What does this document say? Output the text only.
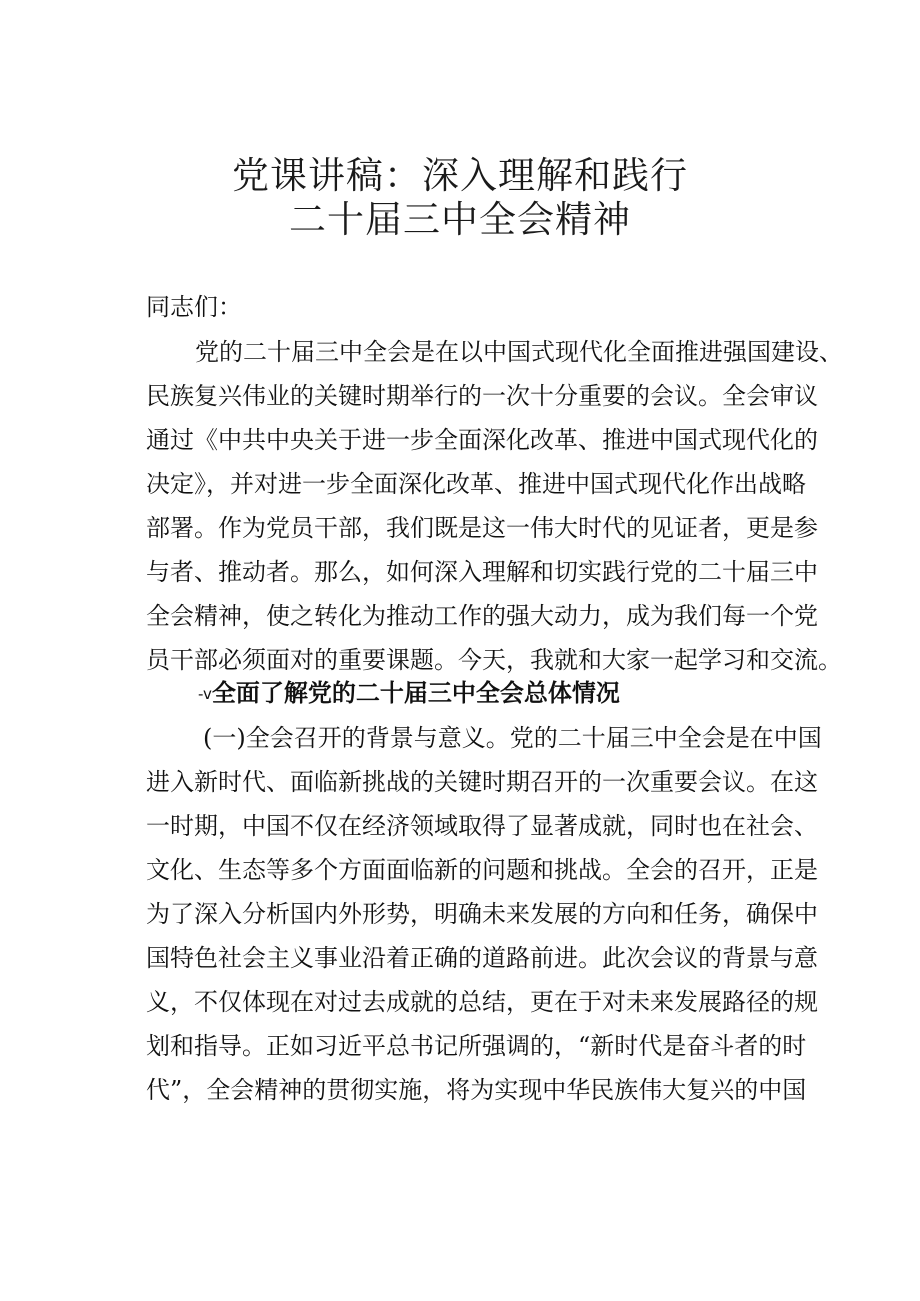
党课讲稿：深入理解和践行
二十届三中全会精神
同志们：
党的二十届三中全会是在以中国式现代化全面推进强国建设、
民族复兴伟业的关键时期举行的一次十分重要的会议。全会审议
通过《中共中央关于进一步全面深化改革、推进中国式现代化的
决定》，并对进一步全面深化改革、推进中国式现代化作出战略
部署。作为党员干部，我们既是这一伟大时代的见证者，更是参
与者、推动者。那么，如何深入理解和切实践行党的二十届三中
全会精神，使之转化为推动工作的强大动力，成为我们每一个党
员干部必须面对的重要课题。今天，我就和大家一起学习和交流。
-v全面了解党的二十届三中全会总体情况
(一)全会召开的背景与意义。党的二十届三中全会是在中国
进入新时代、面临新挑战的关键时期召开的一次重要会议。在这
一时期，中国不仅在经济领域取得了显著成就，同时也在社会、
文化、生态等多个方面面临新的问题和挑战。全会的召开，正是
为了深入分析国内外形势，明确未来发展的方向和任务，确保中
国特色社会主义事业沿着正确的道路前进。此次会议的背景与意
义，不仅体现在对过去成就的总结，更在于对未来发展路径的规
划和指导。正如习近平总书记所强调的，“新时代是奋斗者的时
代”，全会精神的贯彻实施，将为实现中华民族伟大复兴的中国
